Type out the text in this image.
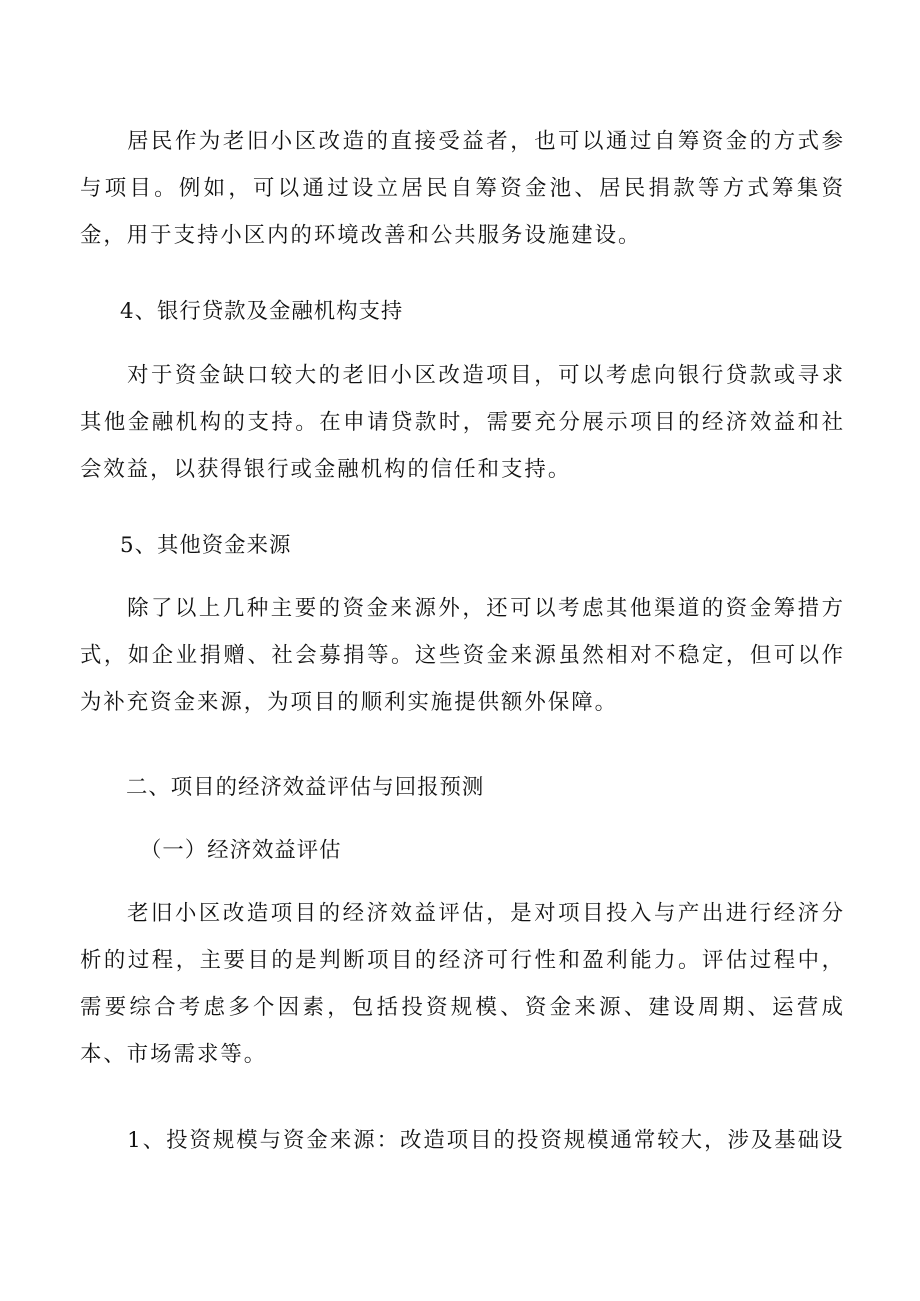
居民作为老旧小区改造的直接受益者，也可以通过自筹资金的方式参与项目。例如，可以通过设立居民自筹资金池、居民捐款等方式筹集资金，用于支持小区内的环境改善和公共服务设施建设。

4、银行贷款及金融机构支持

对于资金缺口较大的老旧小区改造项目，可以考虑向银行贷款或寻求其他金融机构的支持。在申请贷款时，需要充分展示项目的经济效益和社会效益，以获得银行或金融机构的信任和支持。

5、其他资金来源

除了以上几种主要的资金来源外，还可以考虑其他渠道的资金筹措方式，如企业捐赠、社会募捐等。这些资金来源虽然相对不稳定，但可以作为补充资金来源，为项目的顺利实施提供额外保障。

二、项目的经济效益评估与回报预测
（一）经济效益评估

老旧小区改造项目的经济效益评估，是对项目投入与产出进行经济分析的过程，主要目的是判断项目的经济可行性和盈利能力。评估过程中，需要综合考虑多个因素，包括投资规模、资金来源、建设周期、运营成本、市场需求等。

1、投资规模与资金来源：改造项目的投资规模通常较大，涉及基础设
